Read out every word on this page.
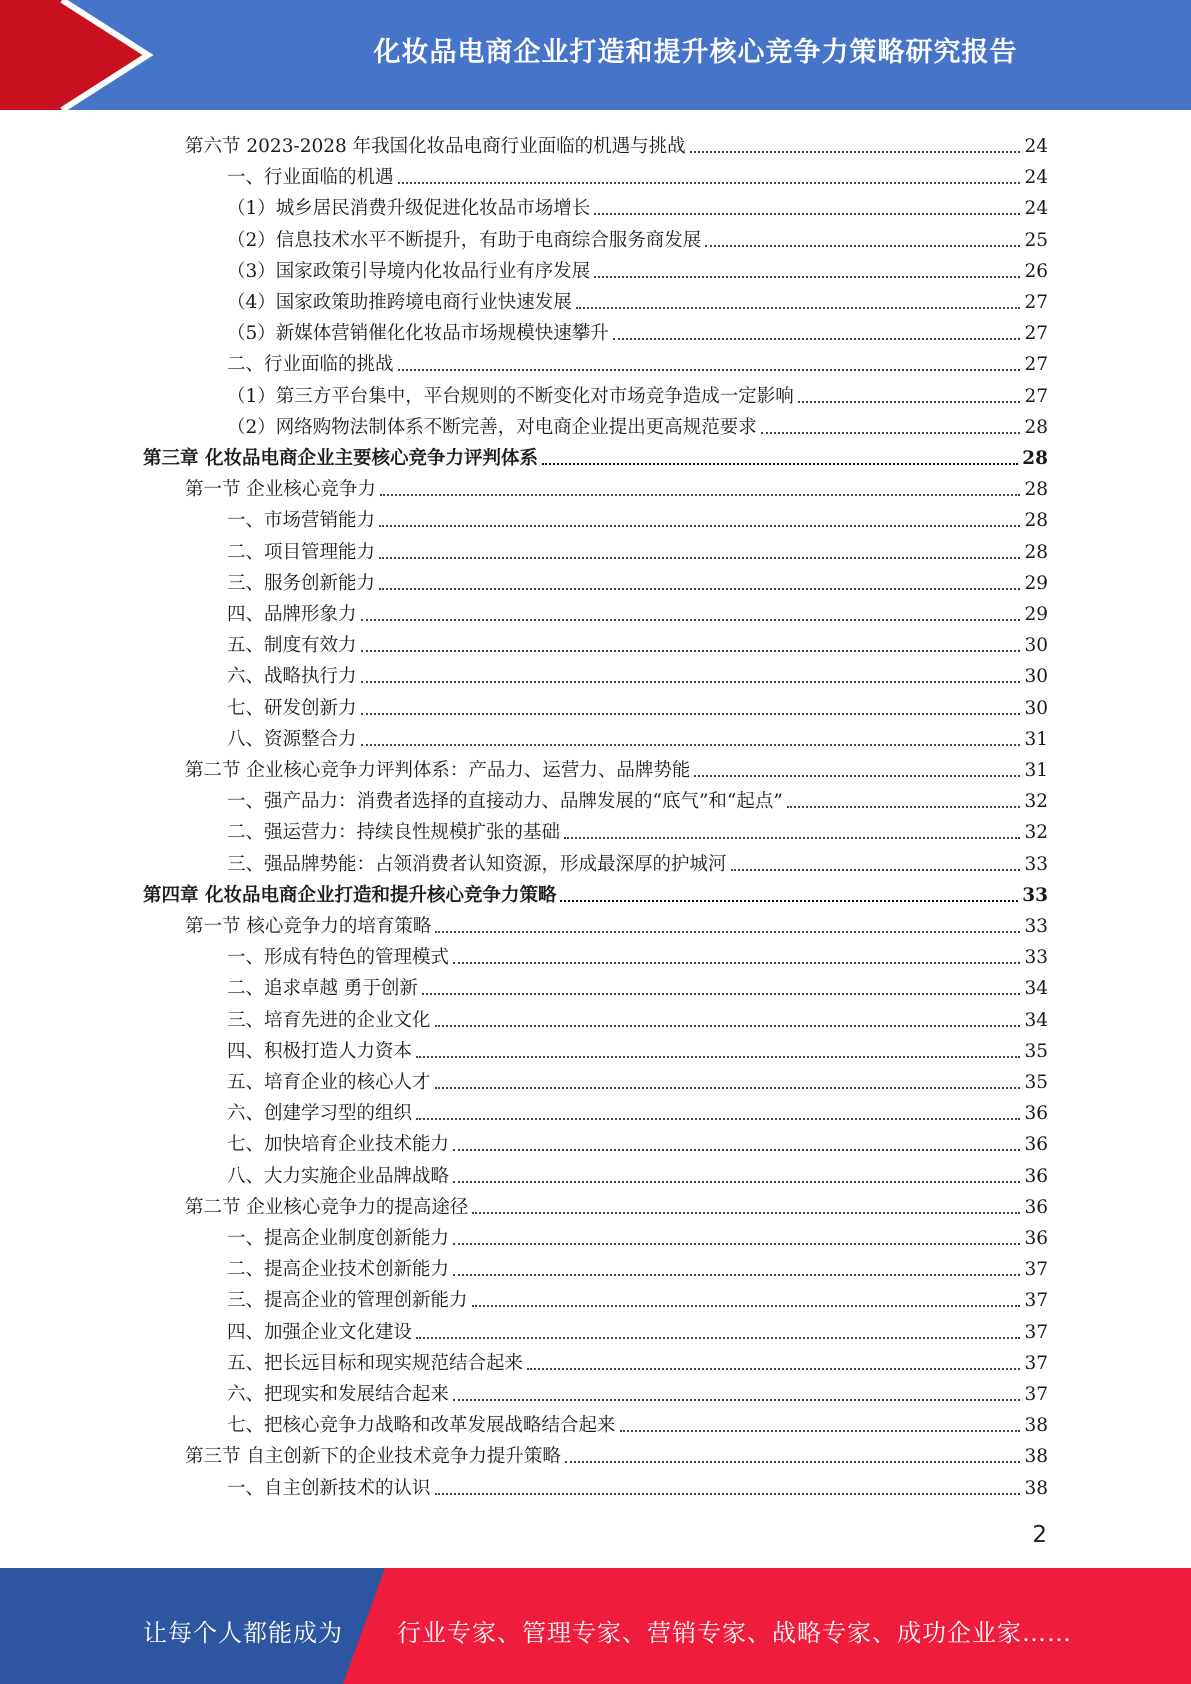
化妆品电商企业打造和提升核心竞争力策略研究报告
第六节 2023-2028 年我国化妆品电商行业面临的机遇与挑战	24
一、行业面临的机遇	24
（1）城乡居民消费升级促进化妆品市场增长	24
（2）信息技术水平不断提升，有助于电商综合服务商发展	25
（3）国家政策引导境内化妆品行业有序发展	26
（4）国家政策助推跨境电商行业快速发展	27
（5）新媒体营销催化化妆品市场规模快速攀升	27
二、行业面临的挑战	27
（1）第三方平台集中，平台规则的不断变化对市场竞争造成一定影响	27
（2）网络购物法制体系不断完善，对电商企业提出更高规范要求	28
第三章 化妆品电商企业主要核心竞争力评判体系	28
第一节 企业核心竞争力	28
一、市场营销能力	28
二、项目管理能力	28
三、服务创新能力	29
四、品牌形象力	29
五、制度有效力	30
六、战略执行力	30
七、研发创新力	30
八、资源整合力	31
第二节 企业核心竞争力评判体系：产品力、运营力、品牌势能	31
一、强产品力：消费者选择的直接动力、品牌发展的“底气”和“起点”	32
二、强运营力：持续良性规模扩张的基础	32
三、强品牌势能：占领消费者认知资源，形成最深厚的护城河	33
第四章 化妆品电商企业打造和提升核心竞争力策略	33
第一节 核心竞争力的培育策略	33
一、形成有特色的管理模式	33
二、追求卓越 勇于创新	34
三、培育先进的企业文化	34
四、积极打造人力资本	35
五、培育企业的核心人才	35
六、创建学习型的组织	36
七、加快培育企业技术能力	36
八、大力实施企业品牌战略	36
第二节 企业核心竞争力的提高途径	36
一、提高企业制度创新能力	36
二、提高企业技术创新能力	37
三、提高企业的管理创新能力	37
四、加强企业文化建设	37
五、把长远目标和现实规范结合起来	37
六、把现实和发展结合起来	37
七、把核心竞争力战略和改革发展战略结合起来	38
第三节 自主创新下的企业技术竞争力提升策略	38
一、自主创新技术的认识	38
2
让每个人都能成为 行业专家、管理专家、营销专家、战略专家、成功企业家……
